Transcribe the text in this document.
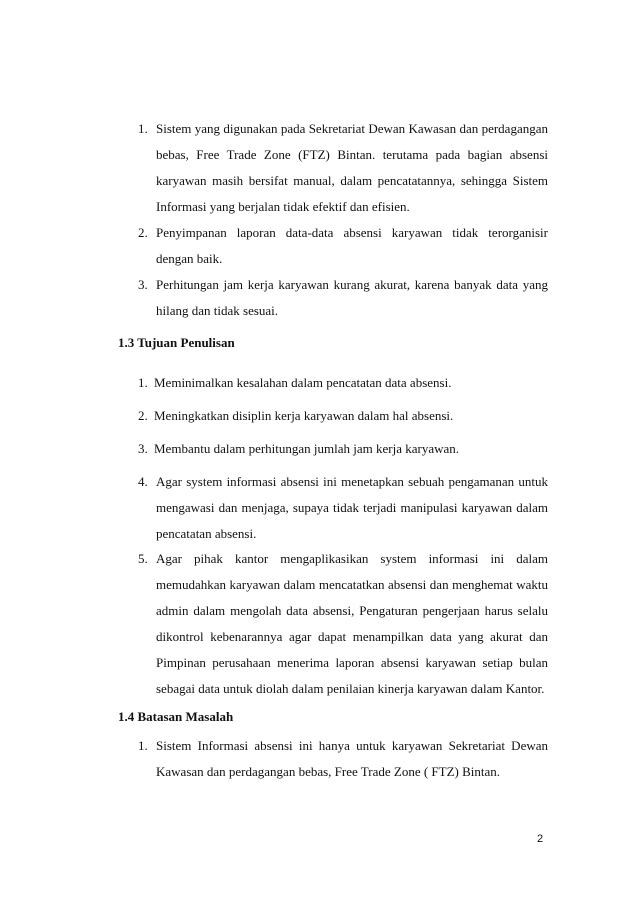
1. Sistem yang digunakan pada Sekretariat Dewan Kawasan dan perdagangan bebas, Free Trade Zone (FTZ) Bintan. terutama pada bagian absensi karyawan masih bersifat manual, dalam pencatatannya, sehingga Sistem Informasi yang berjalan tidak efektif dan efisien.
2. Penyimpanan laporan data-data absensi karyawan tidak terorganisir dengan baik.
3. Perhitungan jam kerja karyawan kurang akurat, karena banyak data yang hilang dan tidak sesuai.
1.3 Tujuan Penulisan
1. Meminimalkan kesalahan dalam pencatatan data absensi.
2. Meningkatkan disiplin kerja karyawan dalam hal absensi.
3. Membantu dalam perhitungan jumlah jam kerja karyawan.
4. Agar system informasi absensi ini menetapkan sebuah pengamanan untuk mengawasi dan menjaga, supaya tidak terjadi manipulasi karyawan dalam pencatatan absensi.
5. Agar pihak kantor mengaplikasikan system informasi ini dalam memudahkan karyawan dalam mencatatkan absensi dan menghemat waktu admin dalam mengolah data absensi, Pengaturan pengerjaan harus selalu dikontrol kebenarannya agar dapat menampilkan data yang akurat dan Pimpinan perusahaan menerima laporan absensi karyawan setiap bulan sebagai data untuk diolah dalam penilaian kinerja karyawan dalam Kantor.
1.4 Batasan Masalah
1. Sistem Informasi absensi ini hanya untuk karyawan Sekretariat Dewan Kawasan dan perdagangan bebas, Free Trade Zone ( FTZ) Bintan.
2
